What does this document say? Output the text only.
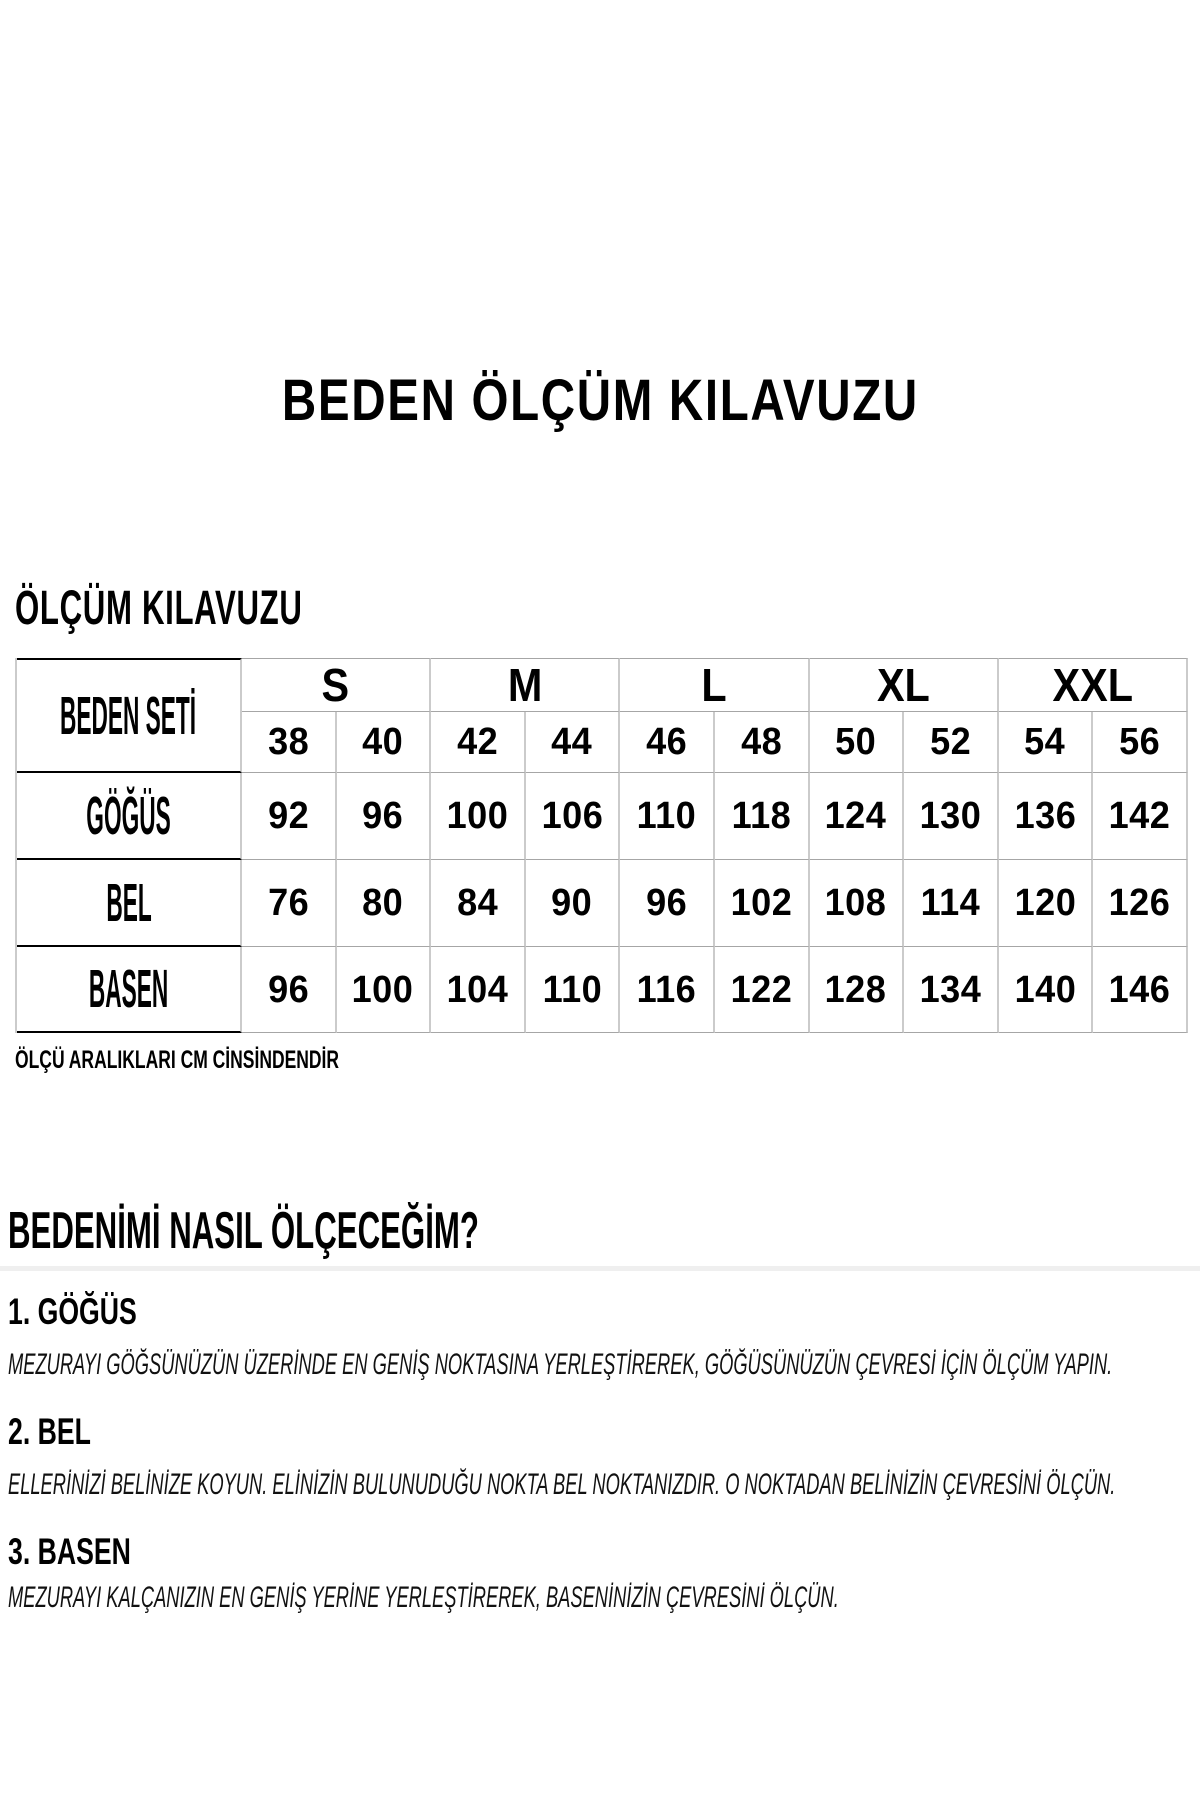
BEDEN ÖLÇÜM KILAVUZU
ÖLÇÜM KILAVUZU
BEDEN SETİ
S	M	L	XL	XXL
38 40 42 44 46 48 50 52 54 56
GÖĞÜS	92 96 100 106 110 118 124 130 136 142
BEL	76 80 84 90 96 102 108 114 120 126
BASEN	96 100 104 110 116 122 128 134 140 146
ÖLÇÜ ARALIKLARI CM CİNSİNDENDİR
BEDENİMİ NASIL ÖLÇECEĞİM?
1. GÖĞÜS
MEZURAYI GÖĞSÜNÜZÜN ÜZERİNDE EN GENİŞ NOKTASINA YERLEŞTİREREK, GÖĞÜSÜNÜZÜN ÇEVRESİ İÇİN ÖLÇÜM YAPIN.
2. BEL
ELLERİNİZİ BELİNİZE KOYUN. ELİNİZİN BULUNUDUĞU NOKTA BEL NOKTANIZDIR. O NOKTADAN BELİNİZİN ÇEVRESİNİ ÖLÇÜN.
3. BASEN
MEZURAYI KALÇANIZIN EN GENİŞ YERİNE YERLEŞTİREREK, BASENİNİZİN ÇEVRESİNİ ÖLÇÜN.
